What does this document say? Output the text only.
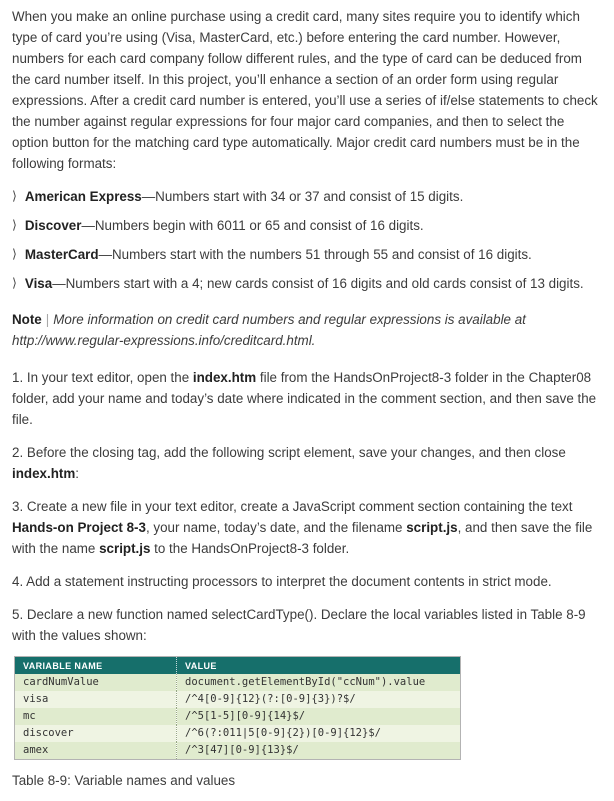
When you make an online purchase using a credit card, many sites require you to identify which type of card you’re using (Visa, MasterCard, etc.) before entering the card number. However, numbers for each card company follow different rules, and the type of card can be deduced from the card number itself. In this project, you’ll enhance a section of an order form using regular expressions. After a credit card number is entered, you’ll use a series of if/else statements to check the number against regular expressions for four major card companies, and then to select the option button for the matching card type automatically. Major credit card numbers must be in the following formats:

⟩ American Express—Numbers start with 34 or 37 and consist of 15 digits.

⟩ Discover—Numbers begin with 6011 or 65 and consist of 16 digits.

⟩ MasterCard—Numbers start with the numbers 51 through 55 and consist of 16 digits.

⟩ Visa—Numbers start with a 4; new cards consist of 16 digits and old cards consist of 13 digits.

Note | More information on credit card numbers and regular expressions is available at http://www.regular-expressions.info/creditcard.html.

1. In your text editor, open the index.htm file from the HandsOnProject8-3 folder in the Chapter08 folder, add your name and today’s date where indicated in the comment section, and then save the file.

2. Before the closing tag, add the following script element, save your changes, and then close index.htm:

3. Create a new file in your text editor, create a JavaScript comment section containing the text Hands-on Project 8-3, your name, today’s date, and the filename script.js, and then save the file with the name script.js to the HandsOnProject8-3 folder.

4. Add a statement instructing processors to interpret the document contents in strict mode.

5. Declare a new function named selectCardType(). Declare the local variables listed in Table 8-9 with the values shown:

VARIABLE NAME	VALUE
cardNumValue	document.getElementById("ccNum").value
visa	/^4[0-9]{12}(?:[0-9]{3})?$/
mc	/^5[1-5][0-9]{14}$/
discover	/^6(?:011|5[0-9]{2})[0-9]{12}$/
amex	/^3[47][0-9]{13}$/

Table 8-9: Variable names and values
